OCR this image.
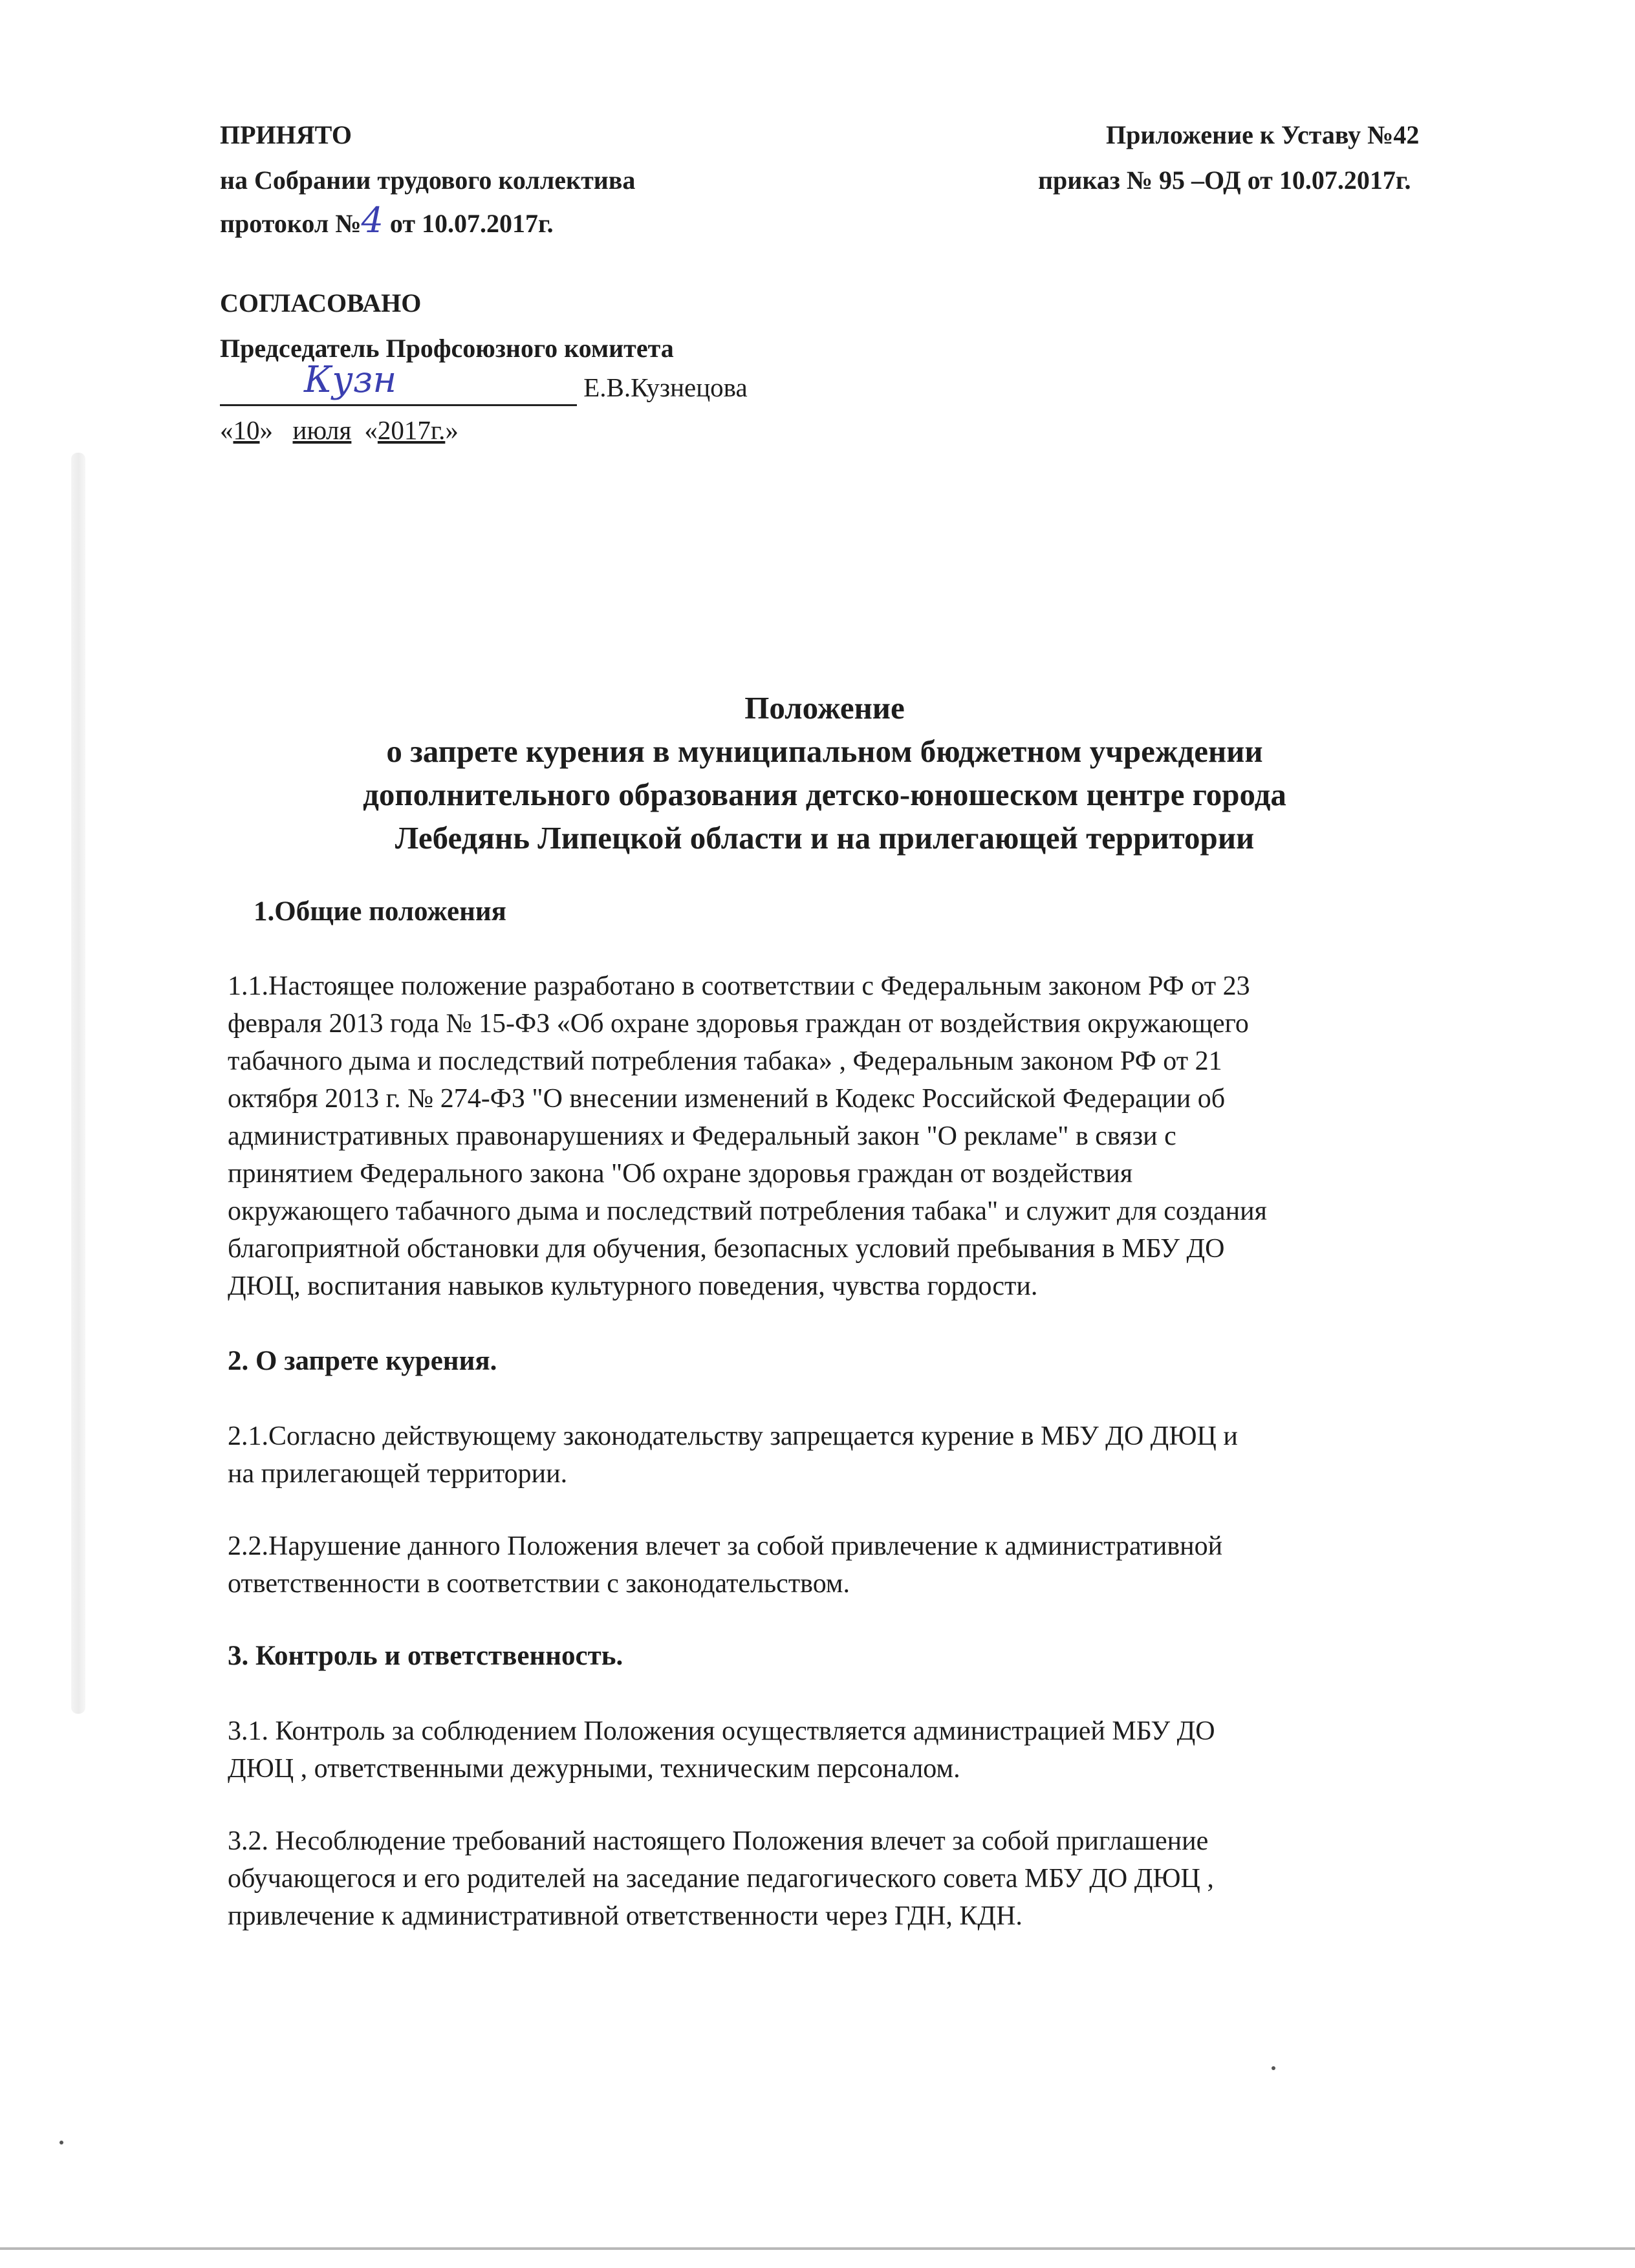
ПРИНЯТО
на Собрании трудового коллектива
протокол №4 от 10.07.2017г.
СОГЛАСОВАНО
Председатель Профсоюзного комитета
Кузн	Е.В.Кузнецова
«10» июля «2017г.»
Приложение к Уставу №42
приказ № 95 –ОД от 10.07.2017г.
Положение
о запрете курения в муниципальном бюджетном учреждении
дополнительного образования детско-юношеском центре города
Лебедянь Липецкой области и на прилегающей территории
1.Общие положения
1.1.Настоящее положение разработано в соответствии с Федеральным законом РФ от 23
февраля 2013 года № 15-ФЗ «Об охране здоровья граждан от воздействия окружающего
табачного дыма и последствий потребления табака» , Федеральным законом РФ от 21
октября 2013 г. № 274-ФЗ "О внесении изменений в Кодекс Российской Федерации об
административных правонарушениях и Федеральный закон "О рекламе" в связи с
принятием Федерального закона "Об охране здоровья граждан от воздействия
окружающего табачного дыма и последствий потребления табака" и служит для создания
благоприятной обстановки для обучения, безопасных условий пребывания в МБУ ДО
ДЮЦ, воспитания навыков культурного поведения, чувства гордости.
2. О запрете курения.
2.1.Согласно действующему законодательству запрещается курение в МБУ ДО ДЮЦ и
на прилегающей территории.
2.2.Нарушение данного Положения влечет за собой привлечение к административной
ответственности в соответствии с законодательством.
3. Контроль и ответственность.
3.1. Контроль за соблюдением Положения осуществляется администрацией МБУ ДО
ДЮЦ , ответственными дежурными, техническим персоналом.
3.2. Несоблюдение требований настоящего Положения влечет за собой приглашение
обучающегося и его родителей на заседание педагогического совета МБУ ДО ДЮЦ ,
привлечение к административной ответственности через ГДН, КДН.
